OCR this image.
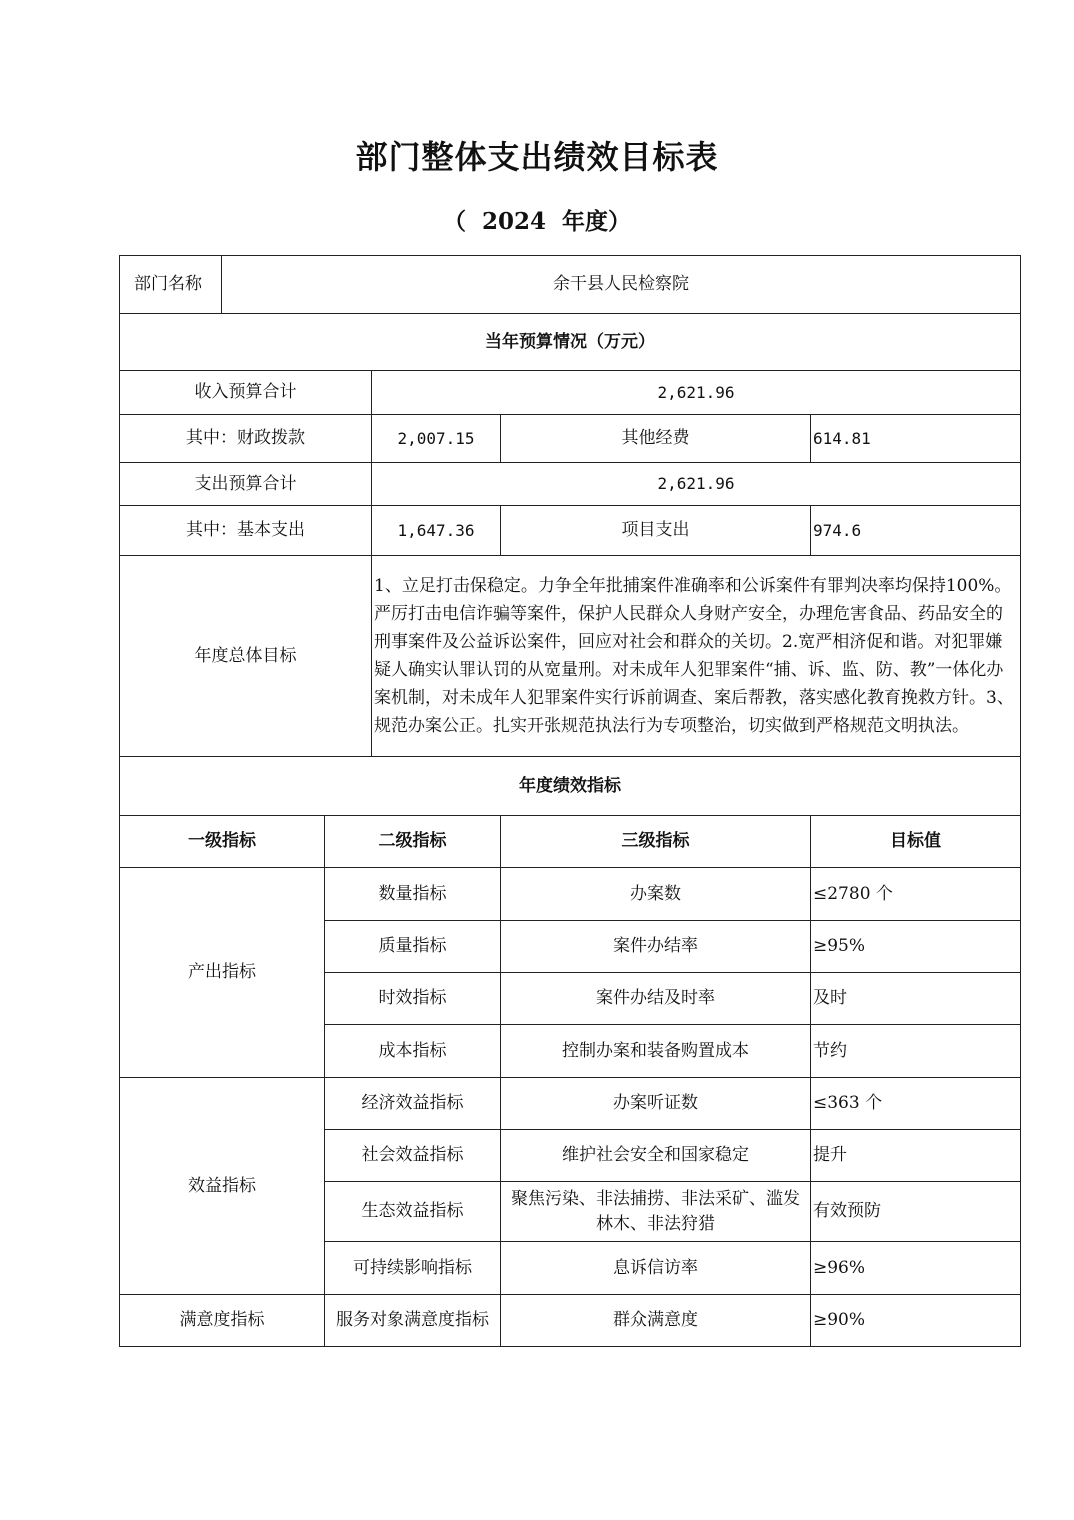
部门整体支出绩效目标表
（ 2024 年度）
部门名称	余干县人民检察院				
当年预算情况（万元）					
收入预算合计			2,621.96		
其中：财政拨款			2,007.15	其他经费	614.81
支出预算合计			2,621.96		
其中：基本支出			1,647.36	项目支出	974.6
年度总体目标			1、立足打击保稳定。力争全年批捕案件准确率和公诉案件有罪判决率均保持100%。严厉打击电信诈骗等案件，保护人民群众人身财产安全，办理危害食品、药品安全的刑事案件及公益诉讼案件，回应对社会和群众的关切。2.宽严相济促和谐。对犯罪嫌疑人确实认罪认罚的从宽量刑。对未成年人犯罪案件“捕、诉、监、防、教”一体化办案机制，对未成年人犯罪案件实行诉前调查、案后帮教，落实感化教育挽救方针。3、规范办案公正。扎实开张规范执法行为专项整治，切实做到严格规范文明执法。		
年度绩效指标					
一级指标		二级指标		三级指标	目标值
产出指标		数量指标		办案数	≤2780 个
		质量指标		案件办结率	≥95%
		时效指标		案件办结及时率	及时
		成本指标		控制办案和装备购置成本	节约
效益指标		经济效益指标		办案听证数	≤363 个
		社会效益指标		维护社会安全和国家稳定	提升
		生态效益指标		聚焦污染、非法捕捞、非法采矿、滥发林木、非法狩猎	有效预防
		可持续影响指标		息诉信访率	≥96%
满意度指标		服务对象满意度指标		群众满意度	≥90%
